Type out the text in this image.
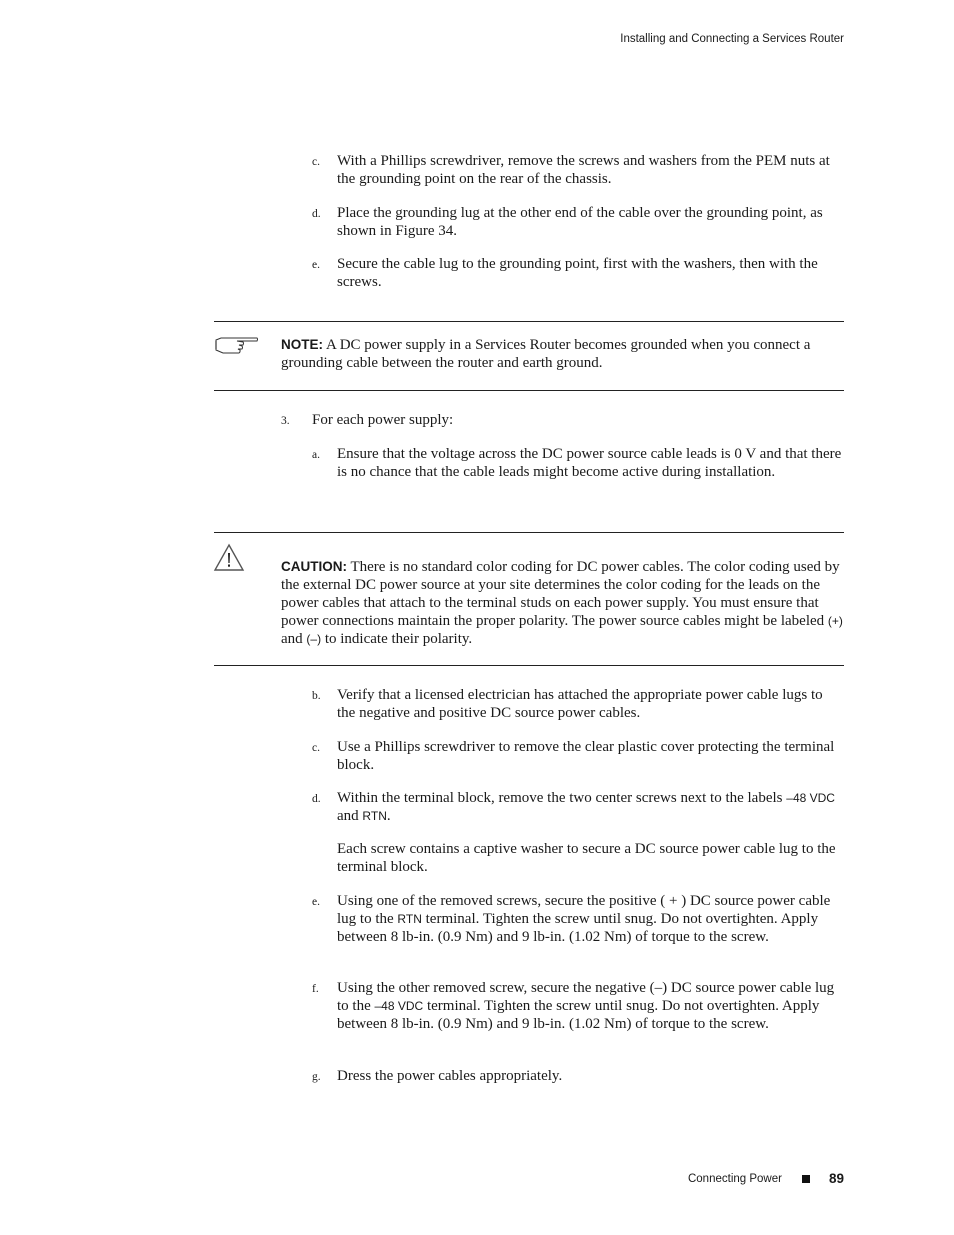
Installing and Connecting a Services Router
c. With a Phillips screwdriver, remove the screws and washers from the PEM nuts at the grounding point on the rear of the chassis.
d. Place the grounding lug at the other end of the cable over the grounding point, as shown in Figure 34.
e. Secure the cable lug to the grounding point, first with the washers, then with the screws.
NOTE: A DC power supply in a Services Router becomes grounded when you connect a grounding cable between the router and earth ground.
3. For each power supply:
a. Ensure that the voltage across the DC power source cable leads is 0 V and that there is no chance that the cable leads might become active during installation.
CAUTION: There is no standard color coding for DC power cables. The color coding used by the external DC power source at your site determines the color coding for the leads on the power cables that attach to the terminal studs on each power supply. You must ensure that power connections maintain the proper polarity. The power source cables might be labeled (+) and (–) to indicate their polarity.
b. Verify that a licensed electrician has attached the appropriate power cable lugs to the negative and positive DC source power cables.
c. Use a Phillips screwdriver to remove the clear plastic cover protecting the terminal block.
d. Within the terminal block, remove the two center screws next to the labels –48 VDC and RTN.
Each screw contains a captive washer to secure a DC source power cable lug to the terminal block.
e. Using one of the removed screws, secure the positive ( + ) DC source power cable lug to the RTN terminal. Tighten the screw until snug. Do not overtighten. Apply between 8 lb-in. (0.9 Nm) and 9 lb-in. (1.02 Nm) of torque to the screw.
f. Using the other removed screw, secure the negative (–) DC source power cable lug to the –48 VDC terminal. Tighten the screw until snug. Do not overtighten. Apply between 8 lb-in. (0.9 Nm) and 9 lb-in. (1.02 Nm) of torque to the screw.
g. Dress the power cables appropriately.
Connecting Power	89
